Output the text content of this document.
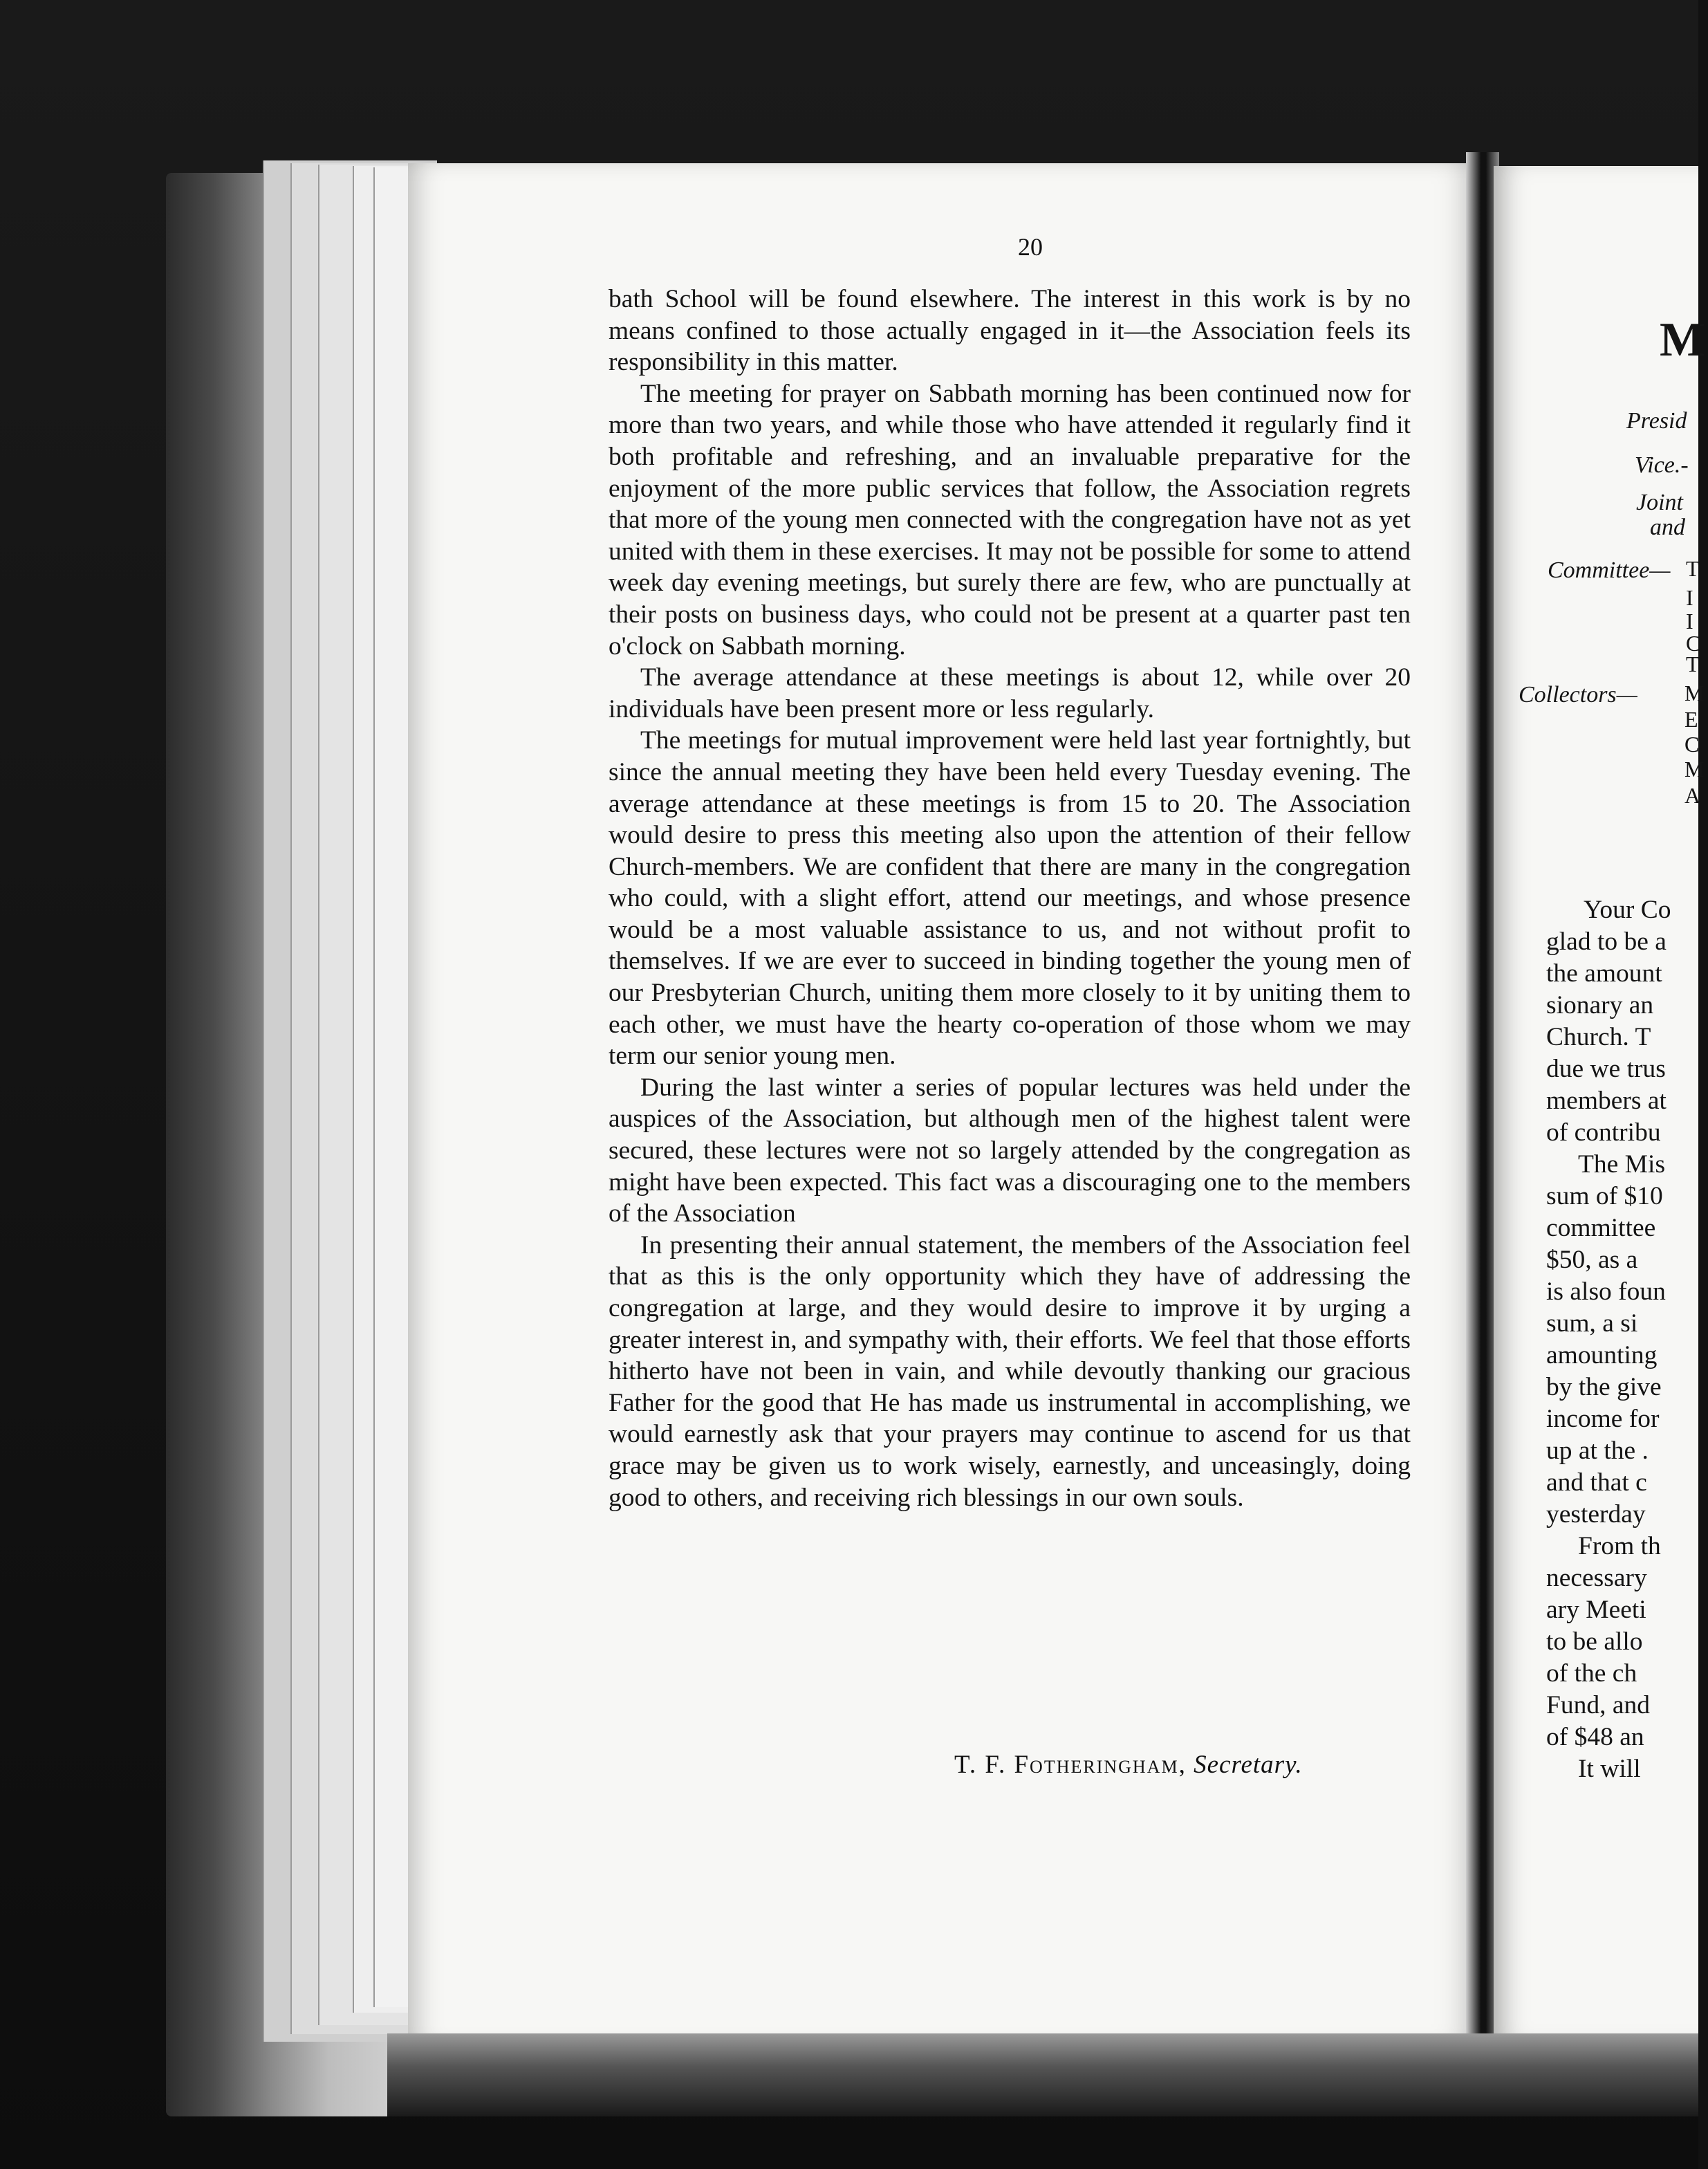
20

bath School will be found elsewhere. The interest in this work is by no means confined to those actually engaged in it—the Association feels its responsibility in this matter.

The meeting for prayer on Sabbath morning has been continued now for more than two years, and while those who have attended it regularly find it both profitable and refreshing, and an invaluable preparative for the enjoyment of the more public services that follow, the Association regrets that more of the young men connected with the congregation have not as yet united with them in these exercises. It may not be possible for some to attend week day evening meetings, but surely there are few, who are punctually at their posts on business days, who could not be present at a quarter past ten o'clock on Sabbath morning.

The average attendance at these meetings is about 12, while over 20 individuals have been present more or less regularly.

The meetings for mutual improvement were held last year fortnightly, but since the annual meeting they have been held every Tuesday evening. The average attendance at these meetings is from 15 to 20. The Association would desire to press this meeting also upon the attention of their fellow Church-members. We are confident that there are many in the congregation who could, with a slight effort, attend our meetings, and whose presence would be a most valuable assistance to us, and not without profit to themselves. If we are ever to succeed in binding together the young men of our Presbyterian Church, uniting them more closely to it by uniting them to each other, we must have the hearty co-operation of those whom we may term our senior young men.

During the last winter a series of popular lectures was held under the auspices of the Association, but although men of the highest talent were secured, these lectures were not so largely attended by the congregation as might have been expected. This fact was a discouraging one to the members of the Association

In presenting their annual statement, the members of the Association feel that as this is the only opportunity which they have of addressing the congregation at large, and they would desire to improve it by urging a greater interest in, and sympathy with, their efforts. We feel that those efforts hitherto have not been in vain, and while devoutly thanking our gracious Father for the good that He has made us instrumental in accomplishing, we would earnestly ask that your prayers may continue to ascend for us that grace may be given us to work wisely, earnestly, and unceasingly, doing good to others, and receiving rich blessings in our own souls.

T. F. Fotheringham, Secretary.
M
Presid
Vice.-
Joint
and
Committee—
Collectors—
T
I
I
C
T
M
E
C
M
A
Your Co
glad to be a
the amount
sionary an
Church. T
due we trus
members at
of contribu
The Mis
sum of $10
committee
$50, as a
is also foun
sum, a si
amounting
by the give
income for
up at the .
and that c
yesterday
From th
necessary
ary Meeti
to be allo
of the ch
Fund, and
of $48 an
It will
